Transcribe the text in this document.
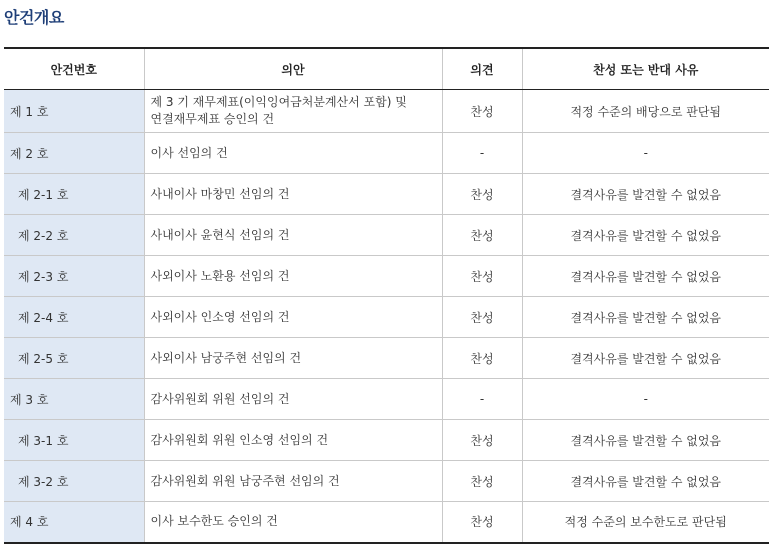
안건개요
안건번호	의안	의견	찬성 또는 반대 사유
제 1 호	제 3 기 재무제표(이익잉여금처분계산서 포함) 및
연결재무제표 승인의 건	찬성	적정 수준의 배당으로 판단됨
제 2 호	이사 선임의 건	-	-
제 2-1 호	사내이사 마창민 선임의 건	찬성	결격사유를 발견할 수 없었음
제 2-2 호	사내이사 윤현식 선임의 건	찬성	결격사유를 발견할 수 없었음
제 2-3 호	사외이사 노환용 선임의 건	찬성	결격사유를 발견할 수 없었음
제 2-4 호	사외이사 인소영 선임의 건	찬성	결격사유를 발견할 수 없었음
제 2-5 호	사외이사 남궁주현 선임의 건	찬성	결격사유를 발견할 수 없었음
제 3 호	감사위원회 위원 선임의 건	-	-
제 3-1 호	감사위원회 위원 인소영 선임의 건	찬성	결격사유를 발견할 수 없었음
제 3-2 호	감사위원회 위원 남궁주현 선임의 건	찬성	결격사유를 발견할 수 없었음
제 4 호	이사 보수한도 승인의 건	찬성	적정 수준의 보수한도로 판단됨
